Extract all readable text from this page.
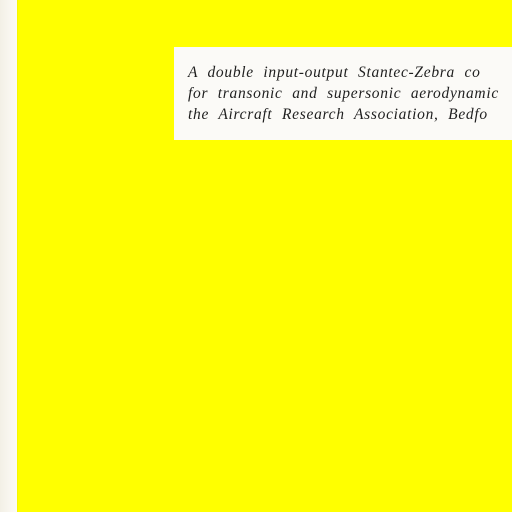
A double input-output Stantec-Zebra co
for transonic and supersonic aerodynamic
the Aircraft Research Association, Bedfo
